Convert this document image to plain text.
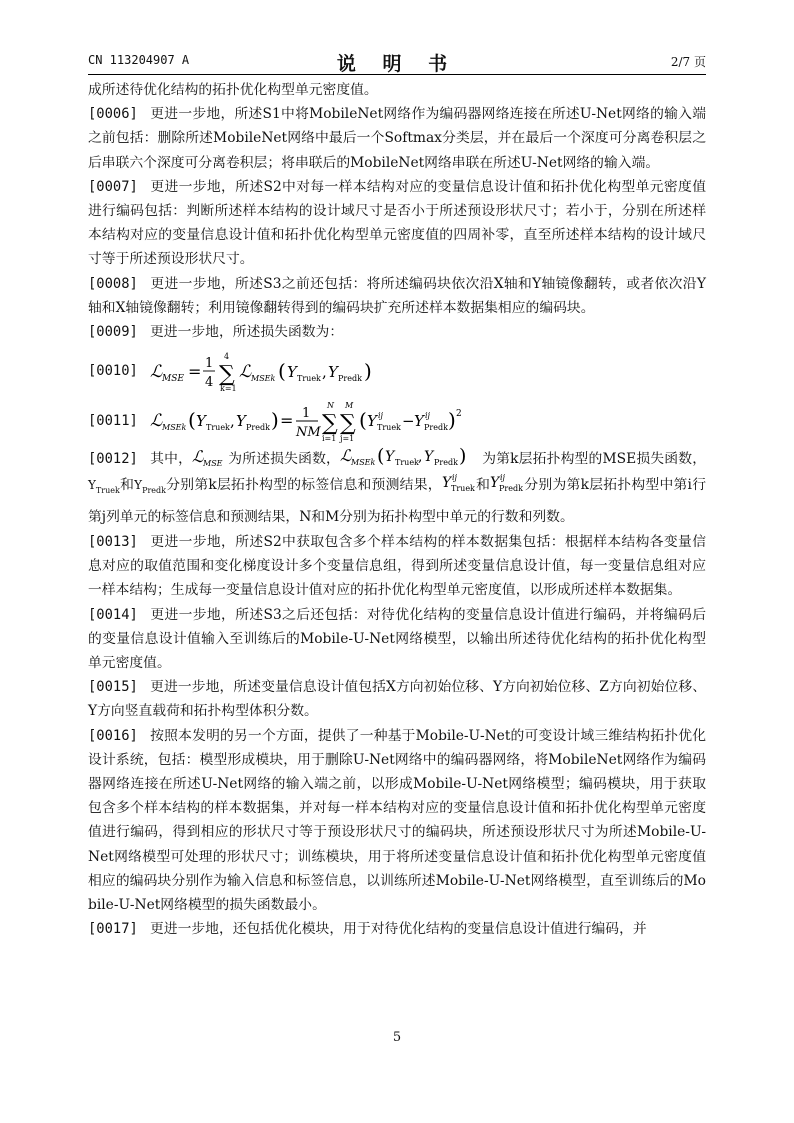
CN 113204907 A	说 明 书	2/7 页

成所述待优化结构的拓扑优化构型单元密度值。

[0006] 更进一步地，所述S1中将MobileNet网络作为编码器网络连接在所述U-Net网络的输入端之前包括：删除所述MobileNet网络中最后一个Softmax分类层，并在最后一个深度可分离卷积层之后串联六个深度可分离卷积层；将串联后的MobileNet网络串联在所述U-Net网络的输入端。

[0007] 更进一步地，所述S2中对每一样本结构对应的变量信息设计值和拓扑优化构型单元密度值进行编码包括：判断所述样本结构的设计域尺寸是否小于所述预设形状尺寸；若小于，分别在所述样本结构对应的变量信息设计值和拓扑优化构型单元密度值的四周补零，直至所述样本结构的设计域尺寸等于所述预设形状尺寸。

[0008] 更进一步地，所述S3之前还包括：将所述编码块依次沿X轴和Y轴镜像翻转，或者依次沿Y轴和X轴镜像翻转；利用镜像翻转得到的编码块扩充所述样本数据集相应的编码块。

[0009] 更进一步地，所述损失函数为：

[0010] ℒ MSE = 1
4 ∑
4
k=1
ℒ MSEk ( Y Truek , Y Predk )
[0011] ℒ MSEk ( Y Truek , Y Predk ) = 1
NM ∑
N
i=1
∑
M
j=1
( Y ij
Truek − Y ij
Predk ) 2

[0012] 其中， ℒ MSE 为所述损失函数， ℒ MSEk ( Y Truek , Y Predk ) 为第k层拓扑构型的MSE损失函数，$Y_{Truek}$和$Y_{Predk}$分别第k层拓扑构型的标签信息和预测结果， Y ij
Truek 和 Y ij
Predk 分别为第k层拓扑构型中第i行第j列单元的标签信息和预测结果，N和M分别为拓扑构型中单元的行数和列数。

[0013] 更进一步地，所述S2中获取包含多个样本结构的样本数据集包括：根据样本结构各变量信息对应的取值范围和变化梯度设计多个变量信息组，得到所述变量信息设计值，每一变量信息组对应一样本结构；生成每一变量信息设计值对应的拓扑优化构型单元密度值，以形成所述样本数据集。

[0014] 更进一步地，所述S3之后还包括：对待优化结构的变量信息设计值进行编码，并将编码后的变量信息设计值输入至训练后的Mobile-U-Net网络模型，以输出所述待优化结构的拓扑优化构型单元密度值。

[0015] 更进一步地，所述变量信息设计值包括X方向初始位移、Y方向初始位移、Z方向初始位移、Y方向竖直载荷和拓扑构型体积分数。

[0016] 按照本发明的另一个方面，提供了一种基于Mobile-U-Net的可变设计域三维结构拓扑优化设计系统，包括：模型形成模块，用于删除U-Net网络中的编码器网络，将MobileNet网络作为编码器网络连接在所述U-Net网络的输入端之前，以形成Mobile-U-Net网络模型；编码模块，用于获取包含多个样本结构的样本数据集，并对每一样本结构对应的变量信息设计值和拓扑优化构型单元密度值进行编码，得到相应的形状尺寸等于预设形状尺寸的编码块，所述预设形状尺寸为所述Mobile-U-Net网络模型可处理的形状尺寸；训练模块，用于将所述变量信息设计值和拓扑优化构型单元密度值相应的编码块分别作为输入信息和标签信息，以训练所述Mobile-U-Net网络模型，直至训练后的Mobile-U-Net网络模型的损失函数最小。

[0017] 更进一步地，还包括优化模块，用于对待优化结构的变量信息设计值进行编码，并

5
